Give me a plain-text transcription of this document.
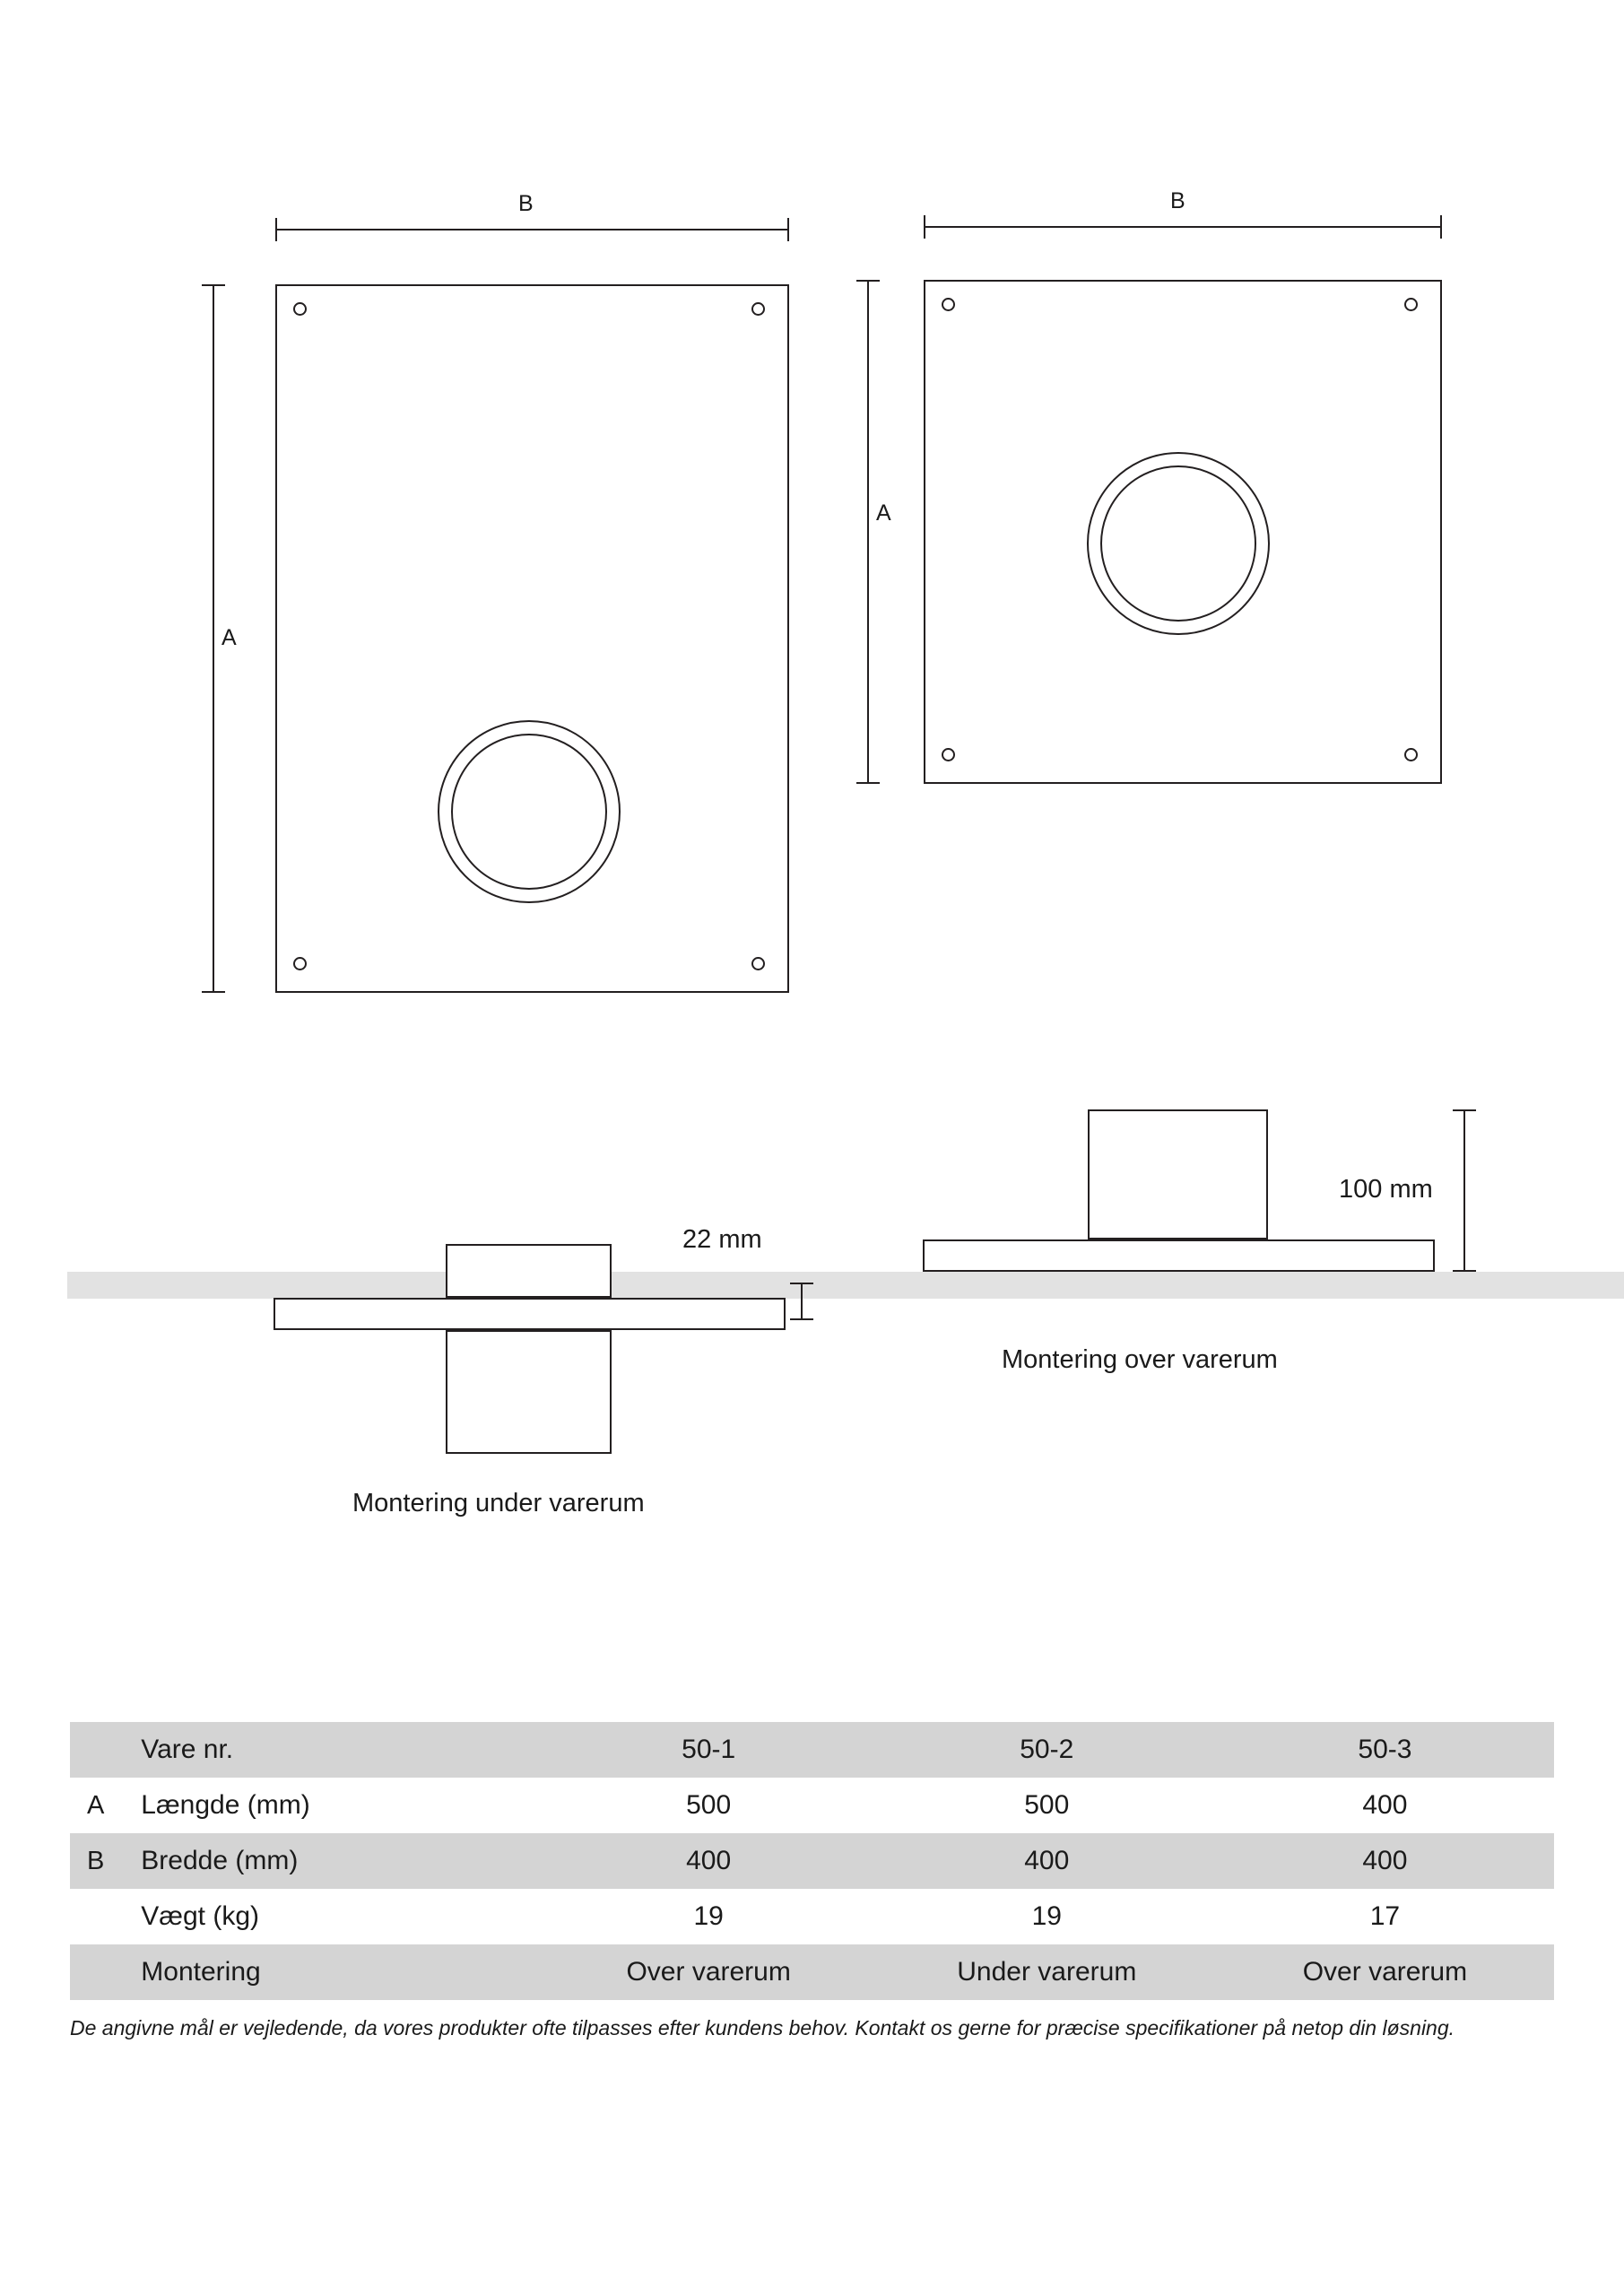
B
A
B
A
100 mm
Montering over varerum
22 mm
Montering under varerum
	Vare nr.	50-1	50-2	50-3
A	Længde (mm)	500	500	400
B	Bredde (mm)	400	400	400
	Vægt (kg)	19	19	17
	Montering	Over varerum	Under varerum	Over varerum
De angivne mål er vejledende, da vores produkter ofte tilpasses efter kundens behov. Kontakt os gerne for præcise specifikationer på netop din løsning.
